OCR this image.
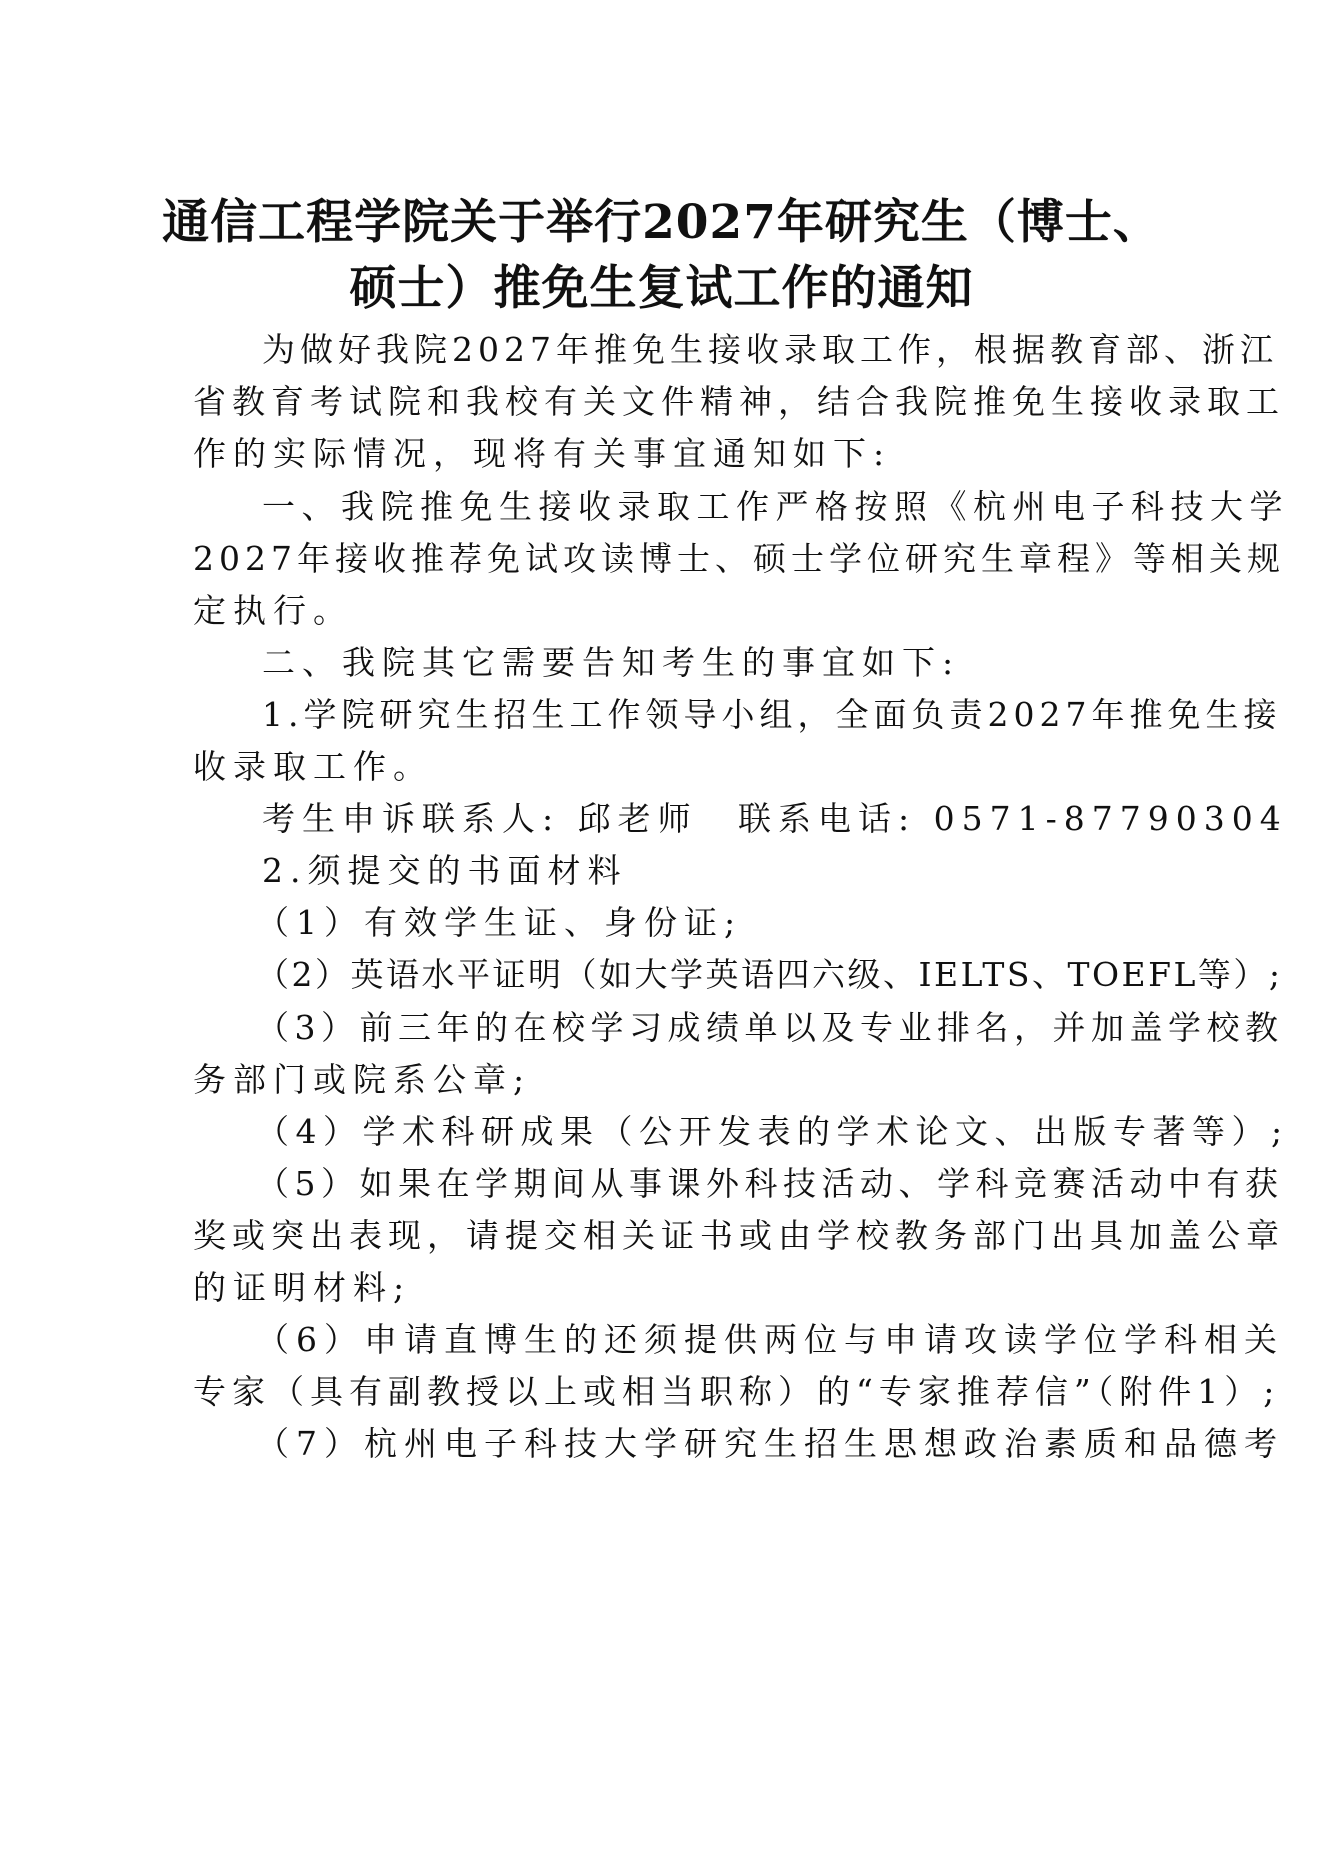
通信工程学院关于举行2027年研究生（博士、
硕士）推免生复试工作的通知
为做好我院2027年推免生接收录取工作，根据教育部、浙江
省教育考试院和我校有关文件精神，结合我院推免生接收录取工
作的实际情况，现将有关事宜通知如下:
一、我院推免生接收录取工作严格按照《杭州电子科技大学
2027年接收推荐免试攻读博士、硕士学位研究生章程》等相关规
定执行。
二、我院其它需要告知考生的事宜如下:
1.学院研究生招生工作领导小组，全面负责2027年推免生接
收录取工作。
考生申诉联系人: 邱老师 联系电话: 0571-87790304
2.须提交的书面材料
（1）有效学生证、身份证;
（2）英语水平证明（如大学英语四六级、IELTS、TOEFL等）;
（3）前三年的在校学习成绩单以及专业排名，并加盖学校教
务部门或院系公章;
（4）学术科研成果（公开发表的学术论文、出版专著等）;
（5）如果在学期间从事课外科技活动、学科竞赛活动中有获
奖或突出表现，请提交相关证书或由学校教务部门出具加盖公章
的证明材料;
（6）申请直博生的还须提供两位与申请攻读学位学科相关
专家（具有副教授以上或相当职称）的“专家推荐信”（附件1）;
（7）杭州电子科技大学研究生招生思想政治素质和品德考
